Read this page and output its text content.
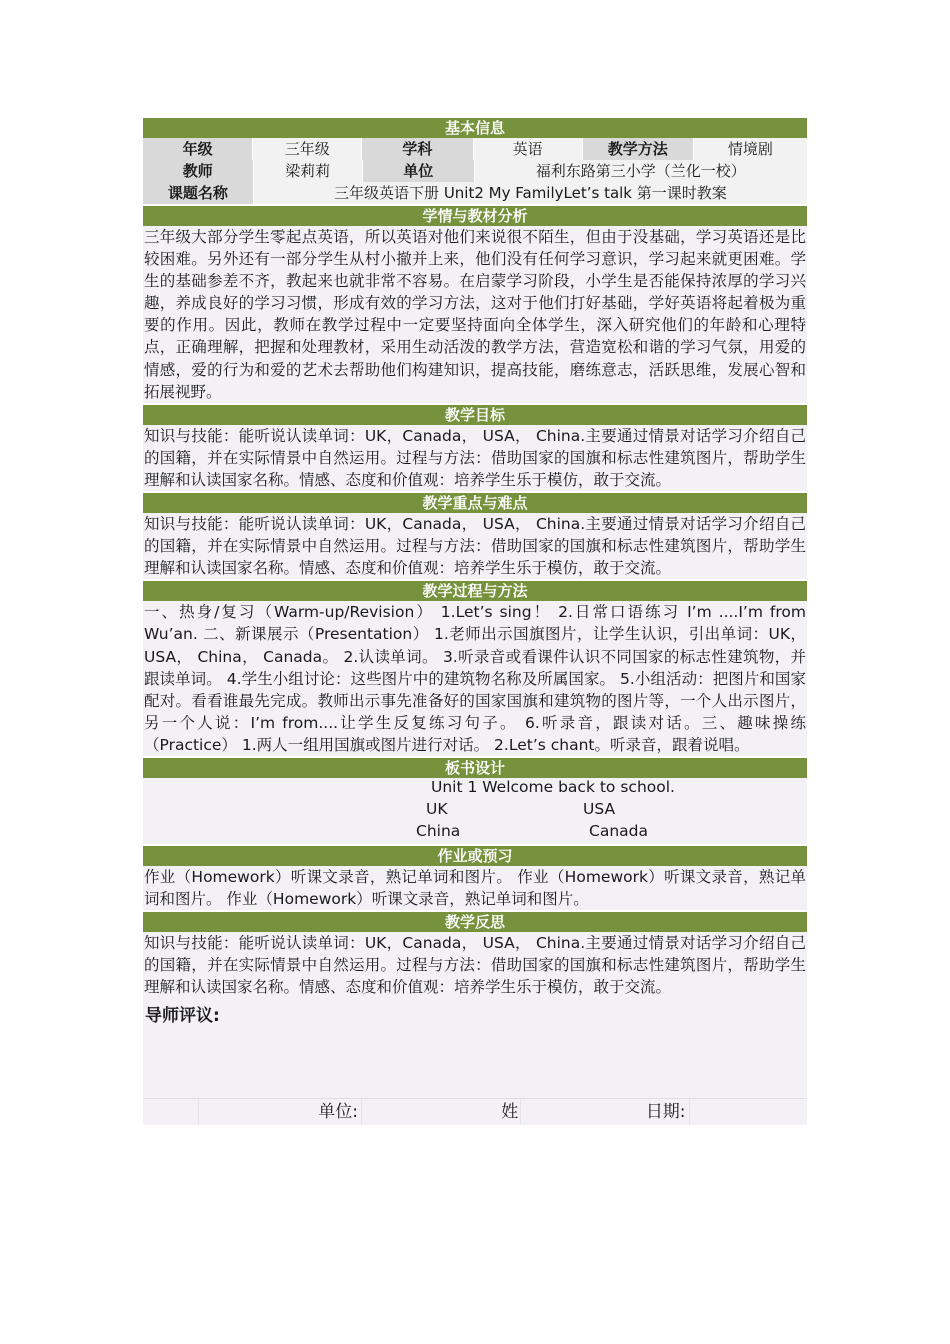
基本信息
年级	三年级	学科	英语	教学方法	情境剧
教师	梁莉莉	单位	福利东路第三小学（兰化一校）
课题名称	三年级英语下册 Unit2 My FamilyLet’s talk 第一课时教案
学情与教材分析
三年级大部分学生零起点英语，所以英语对他们来说很不陌生，但由于没基础，学习英语还是比较困难。另外还有一部分学生从村小撤并上来，他们没有任何学习意识，学习起来就更困难。学生的基础参差不齐，教起来也就非常不容易。在启蒙学习阶段，小学生是否能保持浓厚的学习兴趣，养成良好的学习习惯，形成有效的学习方法，这对于他们打好基础，学好英语将起着极为重要的作用。因此，教师在教学过程中一定要坚持面向全体学生，深入研究他们的年龄和心理特点，正确理解，把握和处理教材，采用生动活泼的教学方法，营造宽松和谐的学习气氛，用爱的情感，爱的行为和爱的艺术去帮助他们构建知识，提高技能，磨练意志，活跃思维，发展心智和拓展视野。
教学目标
知识与技能：能听说认读单词：UK，Canada， USA， China.主要通过情景对话学习介绍自己的国籍，并在实际情景中自然运用。过程与方法：借助国家的国旗和标志性建筑图片，帮助学生理解和认读国家名称。情感、态度和价值观：培养学生乐于模仿，敢于交流。
教学重点与难点
知识与技能：能听说认读单词：UK，Canada， USA， China.主要通过情景对话学习介绍自己的国籍，并在实际情景中自然运用。过程与方法：借助国家的国旗和标志性建筑图片，帮助学生理解和认读国家名称。情感、态度和价值观：培养学生乐于模仿，敢于交流。
教学过程与方法
一、热身/复习（Warm-up/Revision） 1.Let’s sing！ 2.日常口语练习 I’m ....I’m from Wu’an. 二、新课展示（Presentation） 1.老师出示国旗图片，让学生认识，引出单词：UK， USA， China， Canada。 2.认读单词。 3.听录音或看课件认识不同国家的标志性建筑物，并跟读单词。 4.学生小组讨论：这些图片中的建筑物名称及所属国家。 5.小组活动：把图片和国家配对。看看谁最先完成。教师出示事先准备好的国家国旗和建筑物的图片等，一个人出示图片，另一个人说：I’m from....让学生反复练习句子。 6.听录音，跟读对话。三、趣味操练（Practice） 1.两人一组用国旗或图片进行对话。 2.Let’s chant。听录音，跟着说唱。
板书设计
Unit 1 Welcome back to school.
UK	USA
China	Canada
作业或预习
作业（Homework）听课文录音，熟记单词和图片。 作业（Homework）听课文录音，熟记单词和图片。 作业（Homework）听课文录音，熟记单词和图片。
教学反思
知识与技能：能听说认读单词：UK，Canada， USA， China.主要通过情景对话学习介绍自己的国籍，并在实际情景中自然运用。过程与方法：借助国家的国旗和标志性建筑图片，帮助学生理解和认读国家名称。情感、态度和价值观：培养学生乐于模仿，敢于交流。
导师评议:
单位:	姓	日期:
